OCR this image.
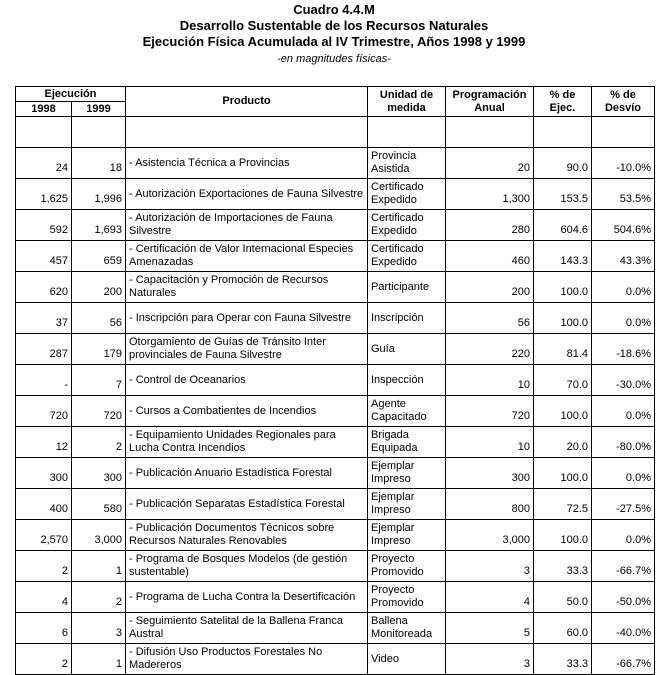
Cuadro 4.4.M
Desarrollo Sustentable de los Recursos Naturales
Ejecución Física Acumulada al IV Trimestre, Años 1998 y 1999
-en magnitudes físicas-
Ejecución		Producto	Unidad de medida	Programación Anual	% de Ejec.	% de Desvío
1998	1999					

24	18	- Asistencia Técnica a Provincias	Provincia Asistida	20	90.0	-10.0%
1,625	1,996	- Autorización Exportaciones de Fauna Silvestre	Certificado Expedido	1,300	153.5	53.5%
592	1,693	- Autorización de Importaciones de Fauna Silvestre	Certificado Expedido	280	604.6	504.6%
457	659	- Certificación de Valor Internacional Especies Amenazadas	Certificado Expedido	460	143.3	43.3%
620	200	- Capacitación y Promoción de Recursos Naturales	Participante	200	100.0	0.0%
37	56	- Inscripción para Operar con Fauna Silvestre	Inscripción	56	100.0	0.0%
287	179	Otorgamiento de Guías de Tránsito Inter provinciales de Fauna Silvestre	Guía	220	81.4	-18.6%
-	7	- Control de Oceanarios	Inspección	10	70.0	-30.0%
720	720	- Cursos a Combatientes de Incendios	Agente Capacitado	720	100.0	0.0%
12	2	- Equipamiento Unidades Regionales para Lucha Contra Incendios	Brigada Equipada	10	20.0	-80.0%
300	300	- Publicación Anuario Estadística Forestal	Ejemplar Impreso	300	100.0	0.0%
400	580	- Publicación Separatas Estadística Forestal	Ejemplar Impreso	800	72.5	-27.5%
2,570	3,000	- Publicación Documentos Técnicos sobre Recursos Naturales Renovables	Ejemplar Impreso	3,000	100.0	0.0%
2	1	- Programa de Bosques Modelos (de gestión sustentable)	Proyecto Promovido	3	33.3	-66.7%
4	2	- Programa de Lucha Contra la Desertificación	Proyecto Promovido	4	50.0	-50.0%
6	3	- Seguimiento Satelital de la Ballena Franca Austral	Ballena Monitoreada	5	60.0	-40.0%
2	1	- Difusión Uso Productos Forestales No Madereros	Video	3	33.3	-66.7%
